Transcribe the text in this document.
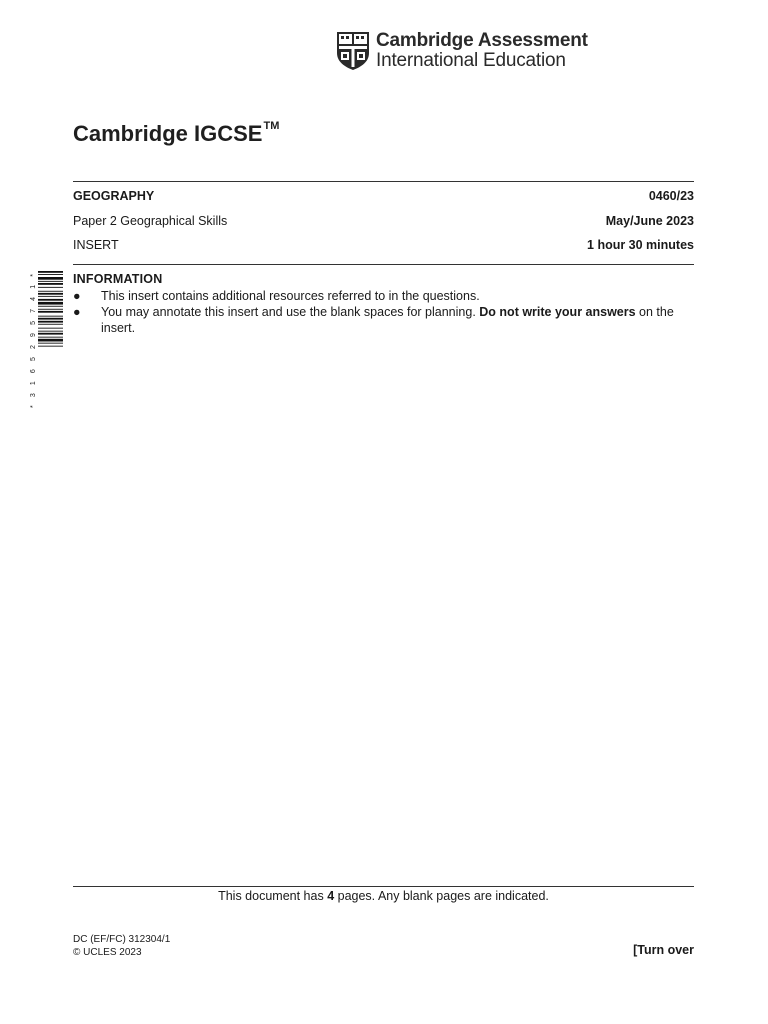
Cambridge Assessment
International Education
Cambridge IGCSE™
GEOGRAPHY	0460/23
Paper 2 Geographical Skills	May/June 2023
INSERT	1 hour 30 minutes
*3165295741*	INFORMATION
●	This insert contains additional resources referred to in the questions.
●	You may annotate this insert and use the blank spaces for planning. Do not write your answers on the insert.
This document has 4 pages. Any blank pages are indicated.
DC (EF/FC) 312304/1
© UCLES 2023	[Turn over
